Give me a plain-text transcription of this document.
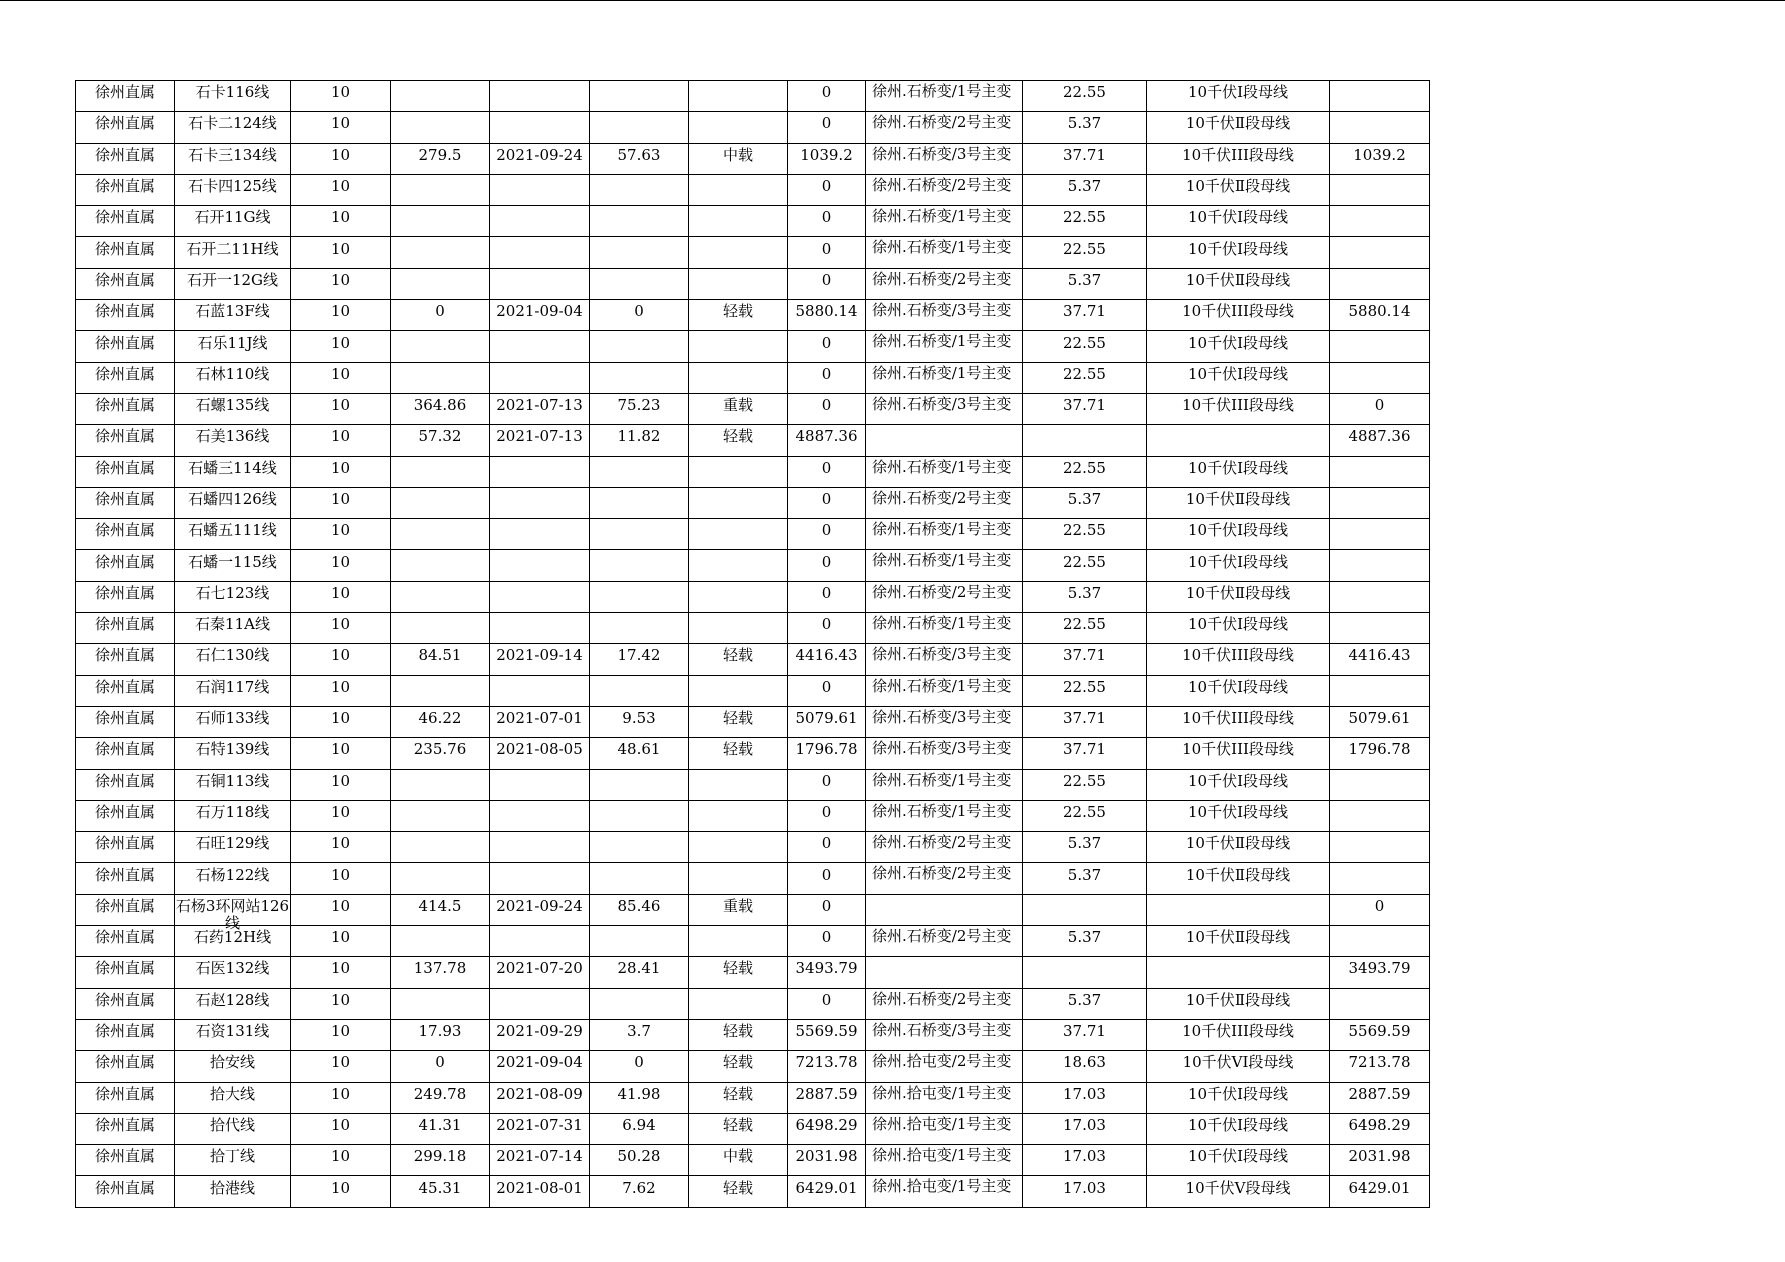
徐州直属	石卡116线	10					0	徐州.石桥变/1号主变	22.55	10千伏Ⅰ段母线	

徐州直属	石卡二124线	10					0	徐州.石桥变/2号主变	5.37	10千伏Ⅱ段母线	

徐州直属	石卡三134线	10	279.5	2021-09-24	57.63	中载	1039.2	徐州.石桥变/3号主变	37.71	10千伏III段母线	1039.2

徐州直属	石卡四125线	10					0	徐州.石桥变/2号主变	5.37	10千伏Ⅱ段母线	

徐州直属	石开11G线	10					0	徐州.石桥变/1号主变	22.55	10千伏Ⅰ段母线	

徐州直属	石开二11H线	10					0	徐州.石桥变/1号主变	22.55	10千伏Ⅰ段母线	

徐州直属	石开一12G线	10					0	徐州.石桥变/2号主变	5.37	10千伏Ⅱ段母线	

徐州直属	石蓝13F线	10	0	2021-09-04	0	轻载	5880.14	徐州.石桥变/3号主变	37.71	10千伏III段母线	5880.14

徐州直属	石乐11J线	10					0	徐州.石桥变/1号主变	22.55	10千伏Ⅰ段母线	

徐州直属	石林110线	10					0	徐州.石桥变/1号主变	22.55	10千伏Ⅰ段母线	

徐州直属	石螺135线	10	364.86	2021-07-13	75.23	重载	0	徐州.石桥变/3号主变	37.71	10千伏III段母线	0

徐州直属	石美136线	10	57.32	2021-07-13	11.82	轻载	4887.36				4887.36

徐州直属	石蟠三114线	10					0	徐州.石桥变/1号主变	22.55	10千伏Ⅰ段母线	

徐州直属	石蟠四126线	10					0	徐州.石桥变/2号主变	5.37	10千伏Ⅱ段母线	

徐州直属	石蟠五111线	10					0	徐州.石桥变/1号主变	22.55	10千伏Ⅰ段母线	

徐州直属	石蟠一115线	10					0	徐州.石桥变/1号主变	22.55	10千伏Ⅰ段母线	

徐州直属	石七123线	10					0	徐州.石桥变/2号主变	5.37	10千伏Ⅱ段母线	

徐州直属	石秦11A线	10					0	徐州.石桥变/1号主变	22.55	10千伏Ⅰ段母线	

徐州直属	石仁130线	10	84.51	2021-09-14	17.42	轻载	4416.43	徐州.石桥变/3号主变	37.71	10千伏III段母线	4416.43

徐州直属	石润117线	10					0	徐州.石桥变/1号主变	22.55	10千伏Ⅰ段母线	

徐州直属	石师133线	10	46.22	2021-07-01	9.53	轻载	5079.61	徐州.石桥变/3号主变	37.71	10千伏III段母线	5079.61

徐州直属	石特139线	10	235.76	2021-08-05	48.61	轻载	1796.78	徐州.石桥变/3号主变	37.71	10千伏III段母线	1796.78

徐州直属	石铜113线	10					0	徐州.石桥变/1号主变	22.55	10千伏Ⅰ段母线	

徐州直属	石万118线	10					0	徐州.石桥变/1号主变	22.55	10千伏Ⅰ段母线	

徐州直属	石旺129线	10					0	徐州.石桥变/2号主变	5.37	10千伏Ⅱ段母线	

徐州直属	石杨122线	10					0	徐州.石桥变/2号主变	5.37	10千伏Ⅱ段母线	

徐州直属	石杨3环网站126线	10	414.5	2021-09-24	85.46	重载	0				0

徐州直属	石药12H线	10					0	徐州.石桥变/2号主变	5.37	10千伏Ⅱ段母线	

徐州直属	石医132线	10	137.78	2021-07-20	28.41	轻载	3493.79				3493.79

徐州直属	石赵128线	10					0	徐州.石桥变/2号主变	5.37	10千伏Ⅱ段母线	

徐州直属	石资131线	10	17.93	2021-09-29	3.7	轻载	5569.59	徐州.石桥变/3号主变	37.71	10千伏III段母线	5569.59

徐州直属	拾安线	10	0	2021-09-04	0	轻载	7213.78	徐州.拾屯变/2号主变	18.63	10千伏VI段母线	7213.78

徐州直属	拾大线	10	249.78	2021-08-09	41.98	轻载	2887.59	徐州.拾屯变/1号主变	17.03	10千伏Ⅰ段母线	2887.59

徐州直属	拾代线	10	41.31	2021-07-31	6.94	轻载	6498.29	徐州.拾屯变/1号主变	17.03	10千伏Ⅰ段母线	6498.29

徐州直属	拾丁线	10	299.18	2021-07-14	50.28	中载	2031.98	徐州.拾屯变/1号主变	17.03	10千伏Ⅰ段母线	2031.98

徐州直属	拾港线	10	45.31	2021-08-01	7.62	轻载	6429.01	徐州.拾屯变/1号主变	17.03	10千伏Ⅴ段母线	6429.01
